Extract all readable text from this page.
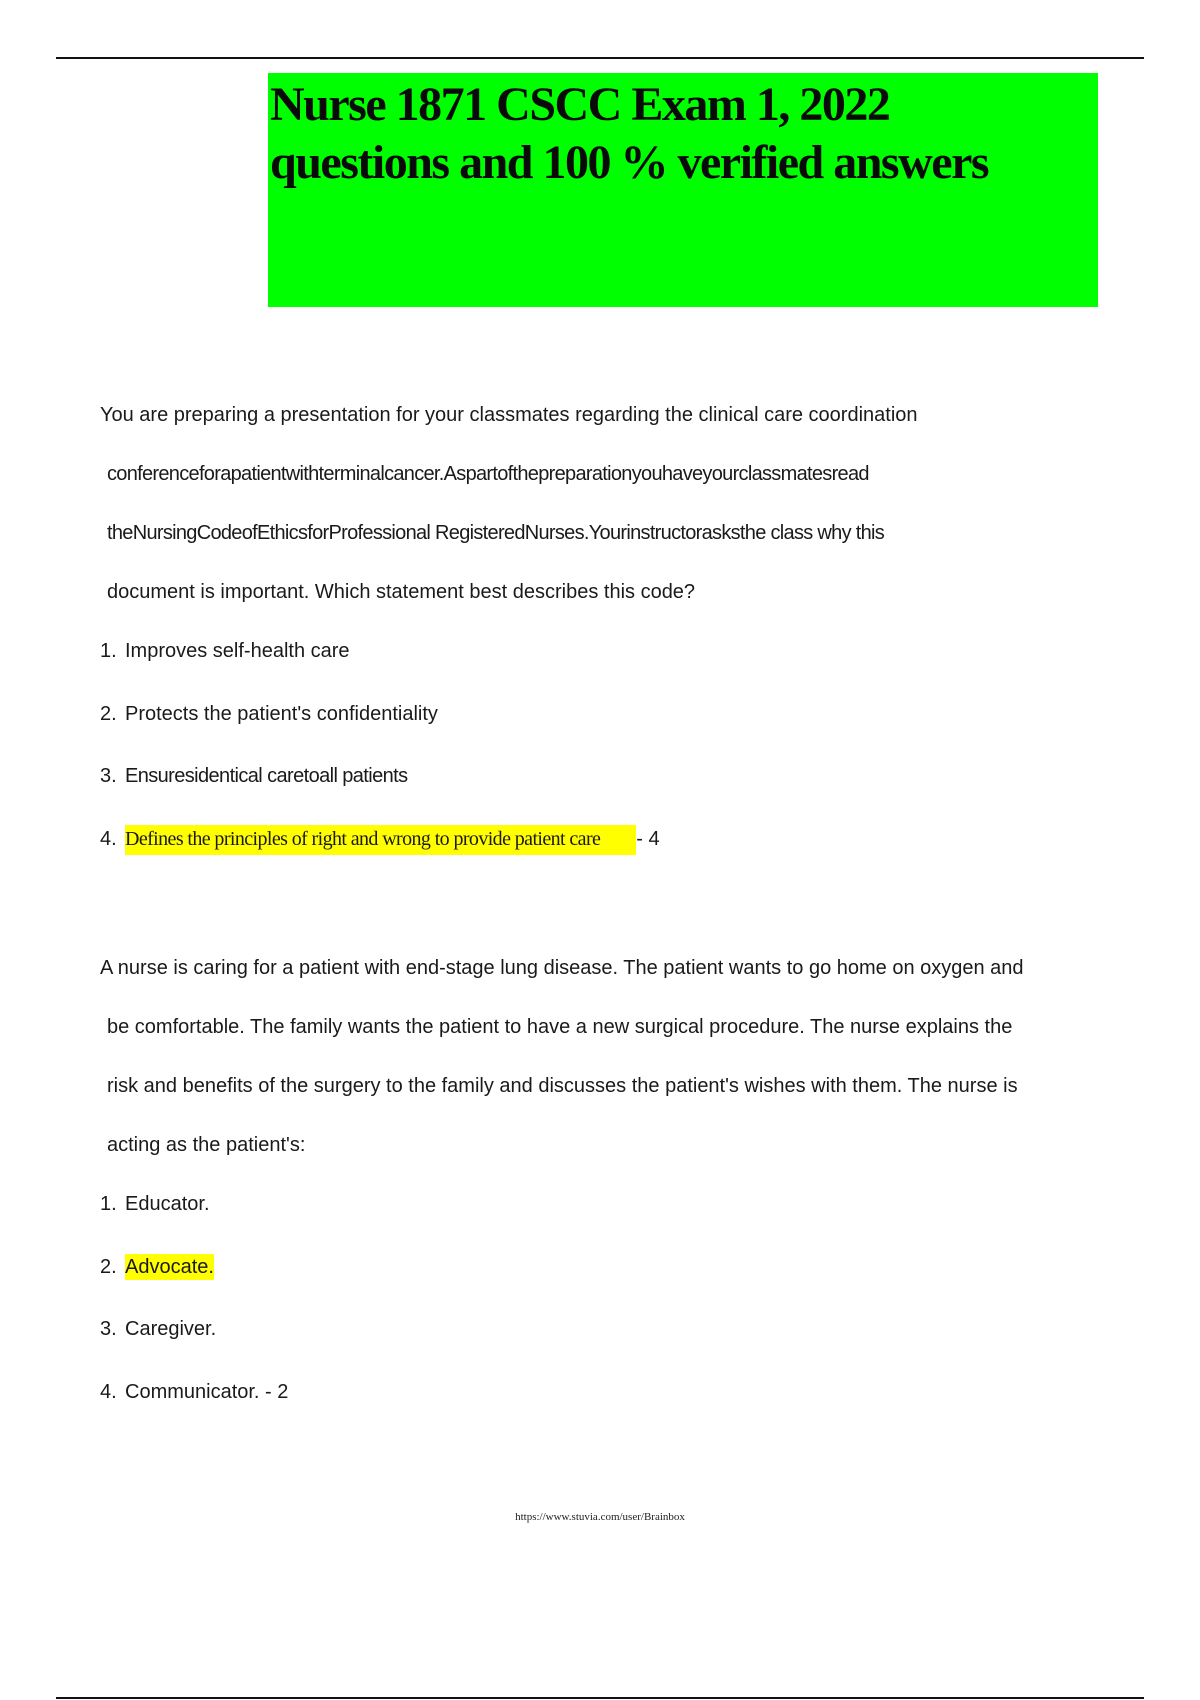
Nurse 1871 CSCC Exam 1, 2022
questions and 100 % verified answers
You are preparing a presentation for your classmates regarding the clinical care coordination
conferenceforapatientwithterminalcancer.Aspartofthepreparationyouhaveyourclassmatesread
theNursingCodeofEthicsforProfessional RegisteredNurses.Yourinstructorasksthe class why this
document is important. Which statement best describes this code?
1. Improves self-health care
2. Protects the patient's confidentiality
3. Ensuresidentical caretoall patients
4. Defines the principles of right and wrong to provide patient care - 4
A nurse is caring for a patient with end-stage lung disease. The patient wants to go home on oxygen and
be comfortable. The family wants the patient to have a new surgical procedure. The nurse explains the
risk and benefits of the surgery to the family and discusses the patient's wishes with them. The nurse is
acting as the patient's:
1. Educator.
2. Advocate.
3. Caregiver.
4. Communicator. - 2
https://www.stuvia.com/user/Brainbox
